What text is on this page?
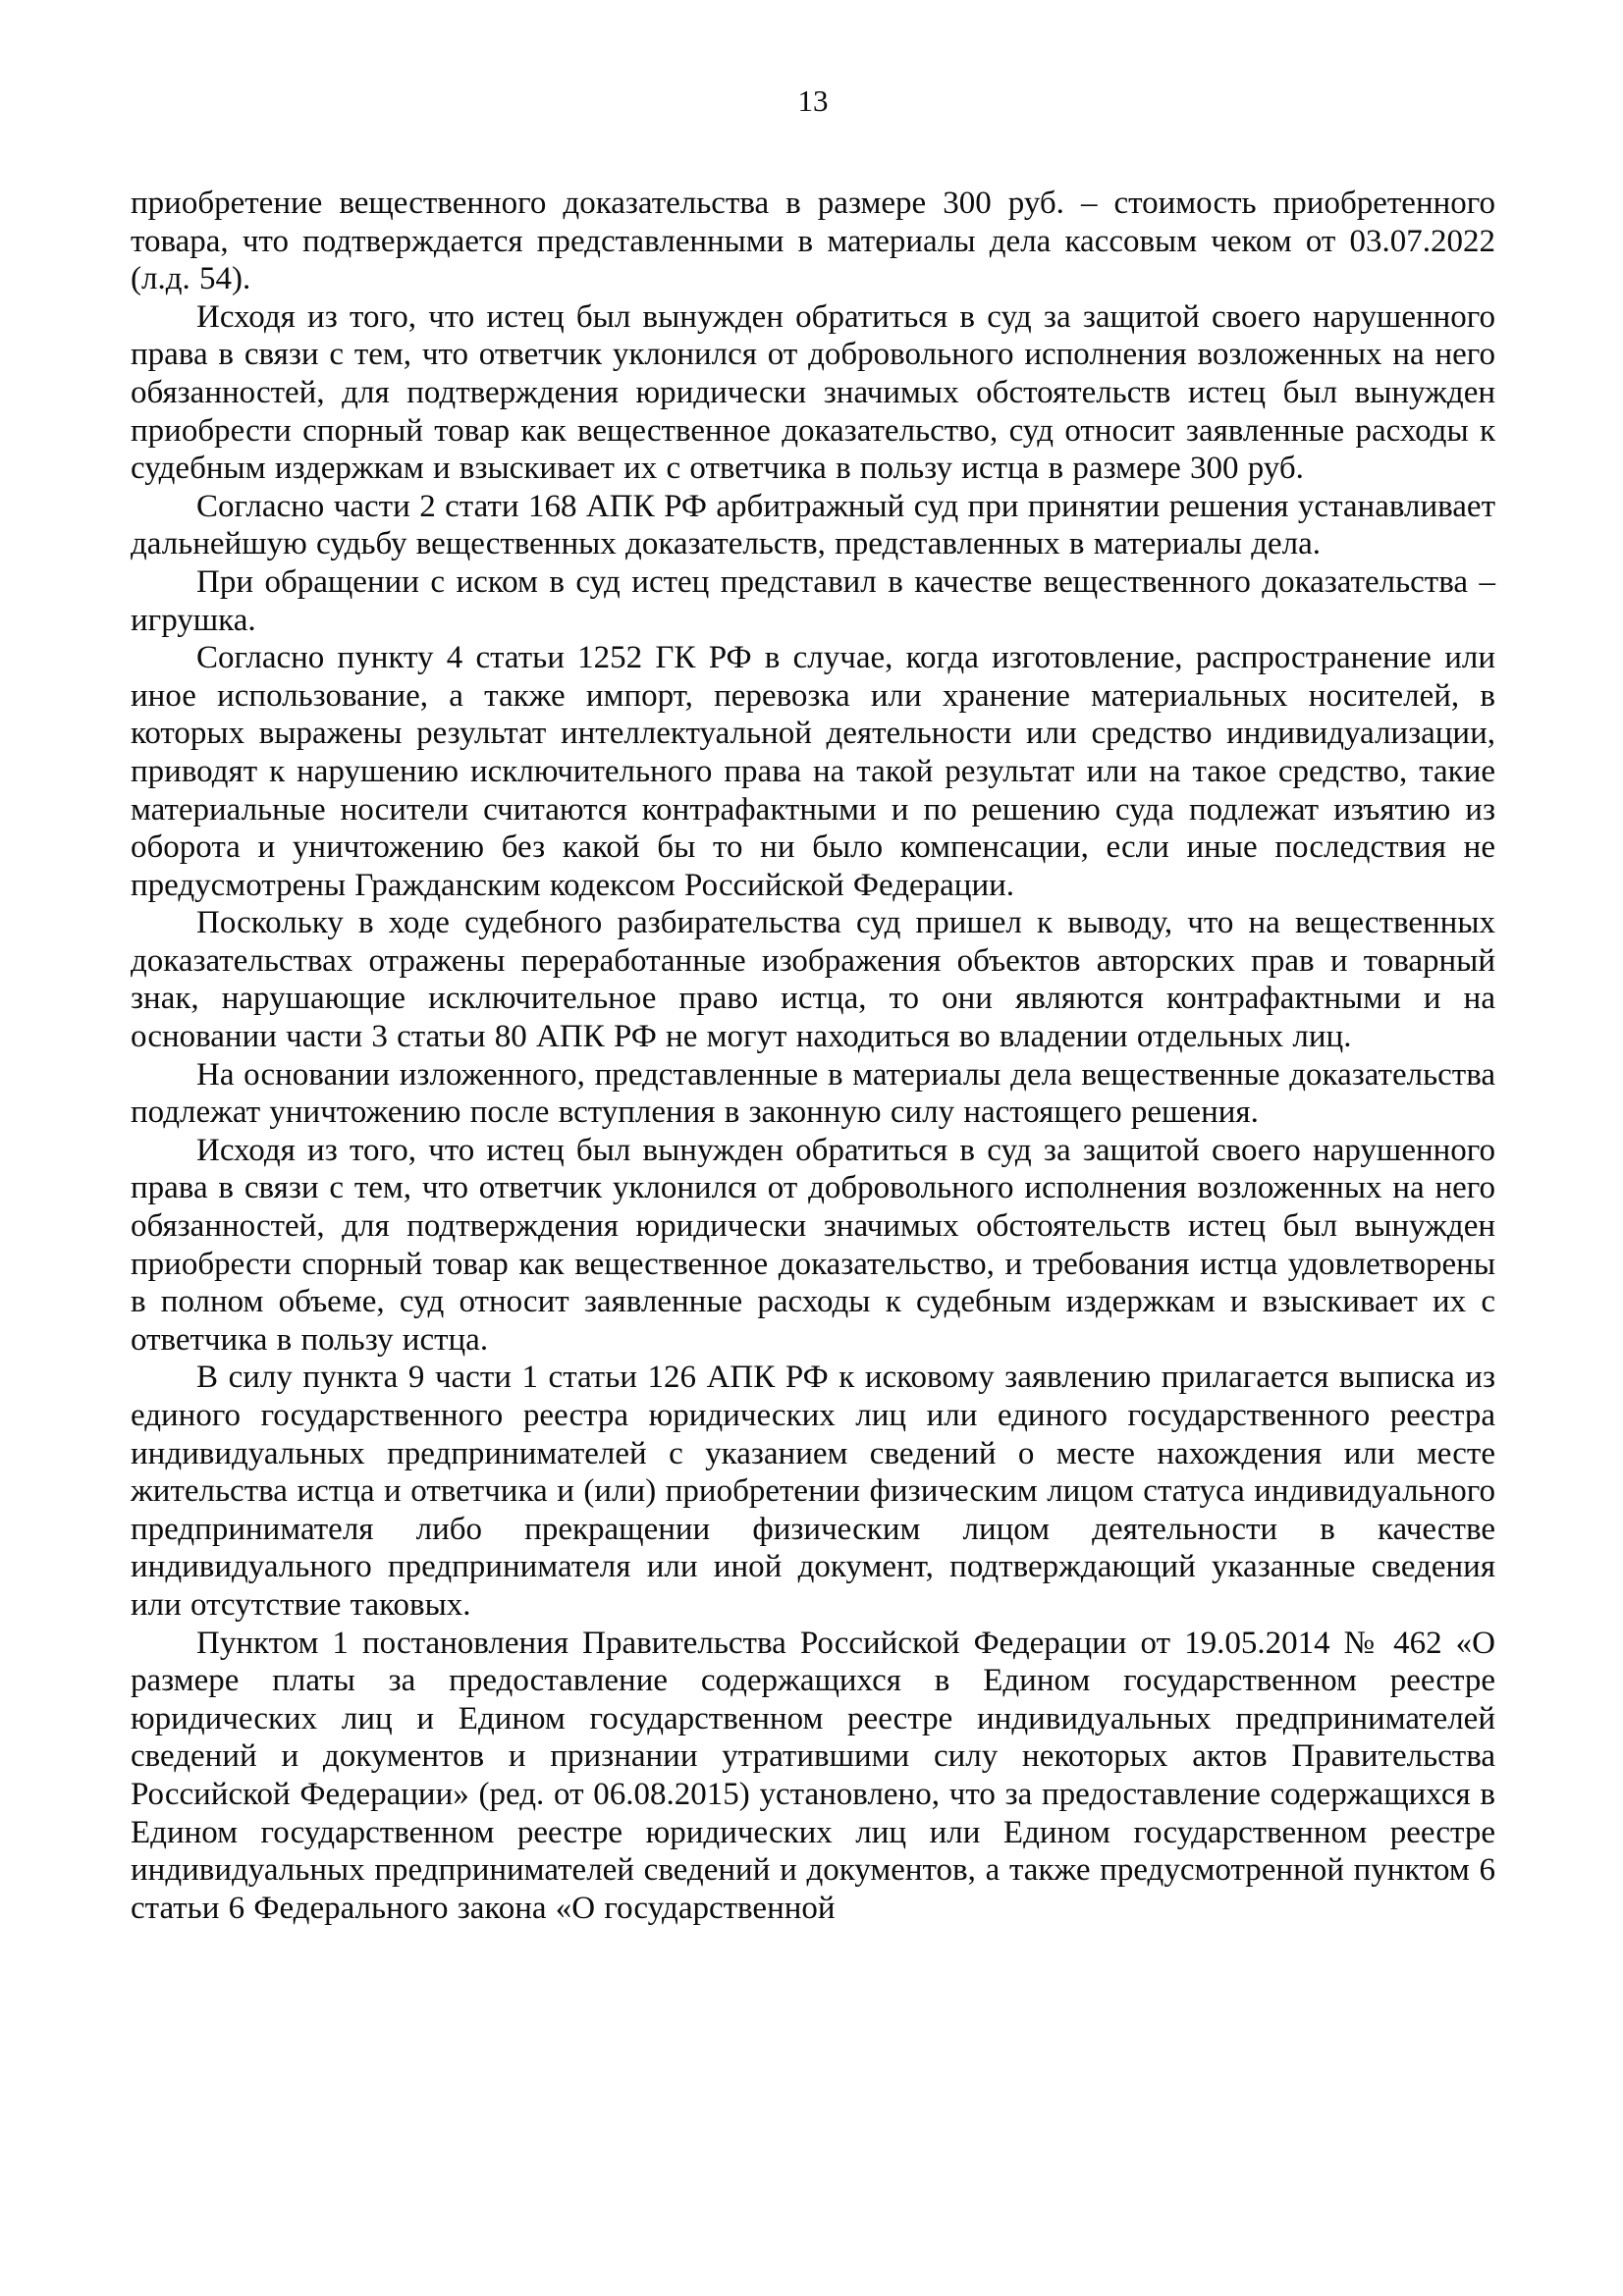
13

приобретение вещественного доказательства в размере 300 руб. – стоимость приобретенного товара, что подтверждается представленными в материалы дела кассовым чеком от 03.07.2022 (л.д. 54).

Исходя из того, что истец был вынужден обратиться в суд за защитой своего нарушенного права в связи с тем, что ответчик уклонился от добровольного исполнения возложенных на него обязанностей, для подтверждения юридически значимых обстоятельств истец был вынужден приобрести спорный товар как вещественное доказательство, суд относит заявленные расходы к судебным издержкам и взыскивает их с ответчика в пользу истца в размере 300 руб.

Согласно части 2 стати 168 АПК РФ арбитражный суд при принятии решения устанавливает дальнейшую судьбу вещественных доказательств, представленных в материалы дела.

При обращении с иском в суд истец представил в качестве вещественного доказательства – игрушка.

Согласно пункту 4 статьи 1252 ГК РФ в случае, когда изготовление, распространение или иное использование, а также импорт, перевозка или хранение материальных носителей, в которых выражены результат интеллектуальной деятельности или средство индивидуализации, приводят к нарушению исключительного права на такой результат или на такое средство, такие материальные носители считаются контрафактными и по решению суда подлежат изъятию из оборота и уничтожению без какой бы то ни было компенсации, если иные последствия не предусмотрены Гражданским кодексом Российской Федерации.

Поскольку в ходе судебного разбирательства суд пришел к выводу, что на вещественных доказательствах отражены переработанные изображения объектов авторских прав и товарный знак, нарушающие исключительное право истца, то они являются контрафактными и на основании части 3 статьи 80 АПК РФ не могут находиться во владении отдельных лиц.

На основании изложенного, представленные в материалы дела вещественные доказательства подлежат уничтожению после вступления в законную силу настоящего решения.

Исходя из того, что истец был вынужден обратиться в суд за защитой своего нарушенного права в связи с тем, что ответчик уклонился от добровольного исполнения возложенных на него обязанностей, для подтверждения юридически значимых обстоятельств истец был вынужден приобрести спорный товар как вещественное доказательство, и требования истца удовлетворены в полном объеме, суд относит заявленные расходы к судебным издержкам и взыскивает их с ответчика в пользу истца.

В силу пункта 9 части 1 статьи 126 АПК РФ к исковому заявлению прилагается выписка из единого государственного реестра юридических лиц или единого государственного реестра индивидуальных предпринимателей с указанием сведений о месте нахождения или месте жительства истца и ответчика и (или) приобретении физическим лицом статуса индивидуального предпринимателя либо прекращении физическим лицом деятельности в качестве индивидуального предпринимателя или иной документ, подтверждающий указанные сведения или отсутствие таковых.

Пунктом 1 постановления Правительства Российской Федерации от 19.05.2014 № 462 «О размере платы за предоставление содержащихся в Едином государственном реестре юридических лиц и Едином государственном реестре индивидуальных предпринимателей сведений и документов и признании утратившими силу некоторых актов Правительства Российской Федерации» (ред. от 06.08.2015) установлено, что за предоставление содержащихся в Едином государственном реестре юридических лиц или Едином государственном реестре индивидуальных предпринимателей сведений и документов, а также предусмотренной пунктом 6 статьи 6 Федерального закона «О государственной
